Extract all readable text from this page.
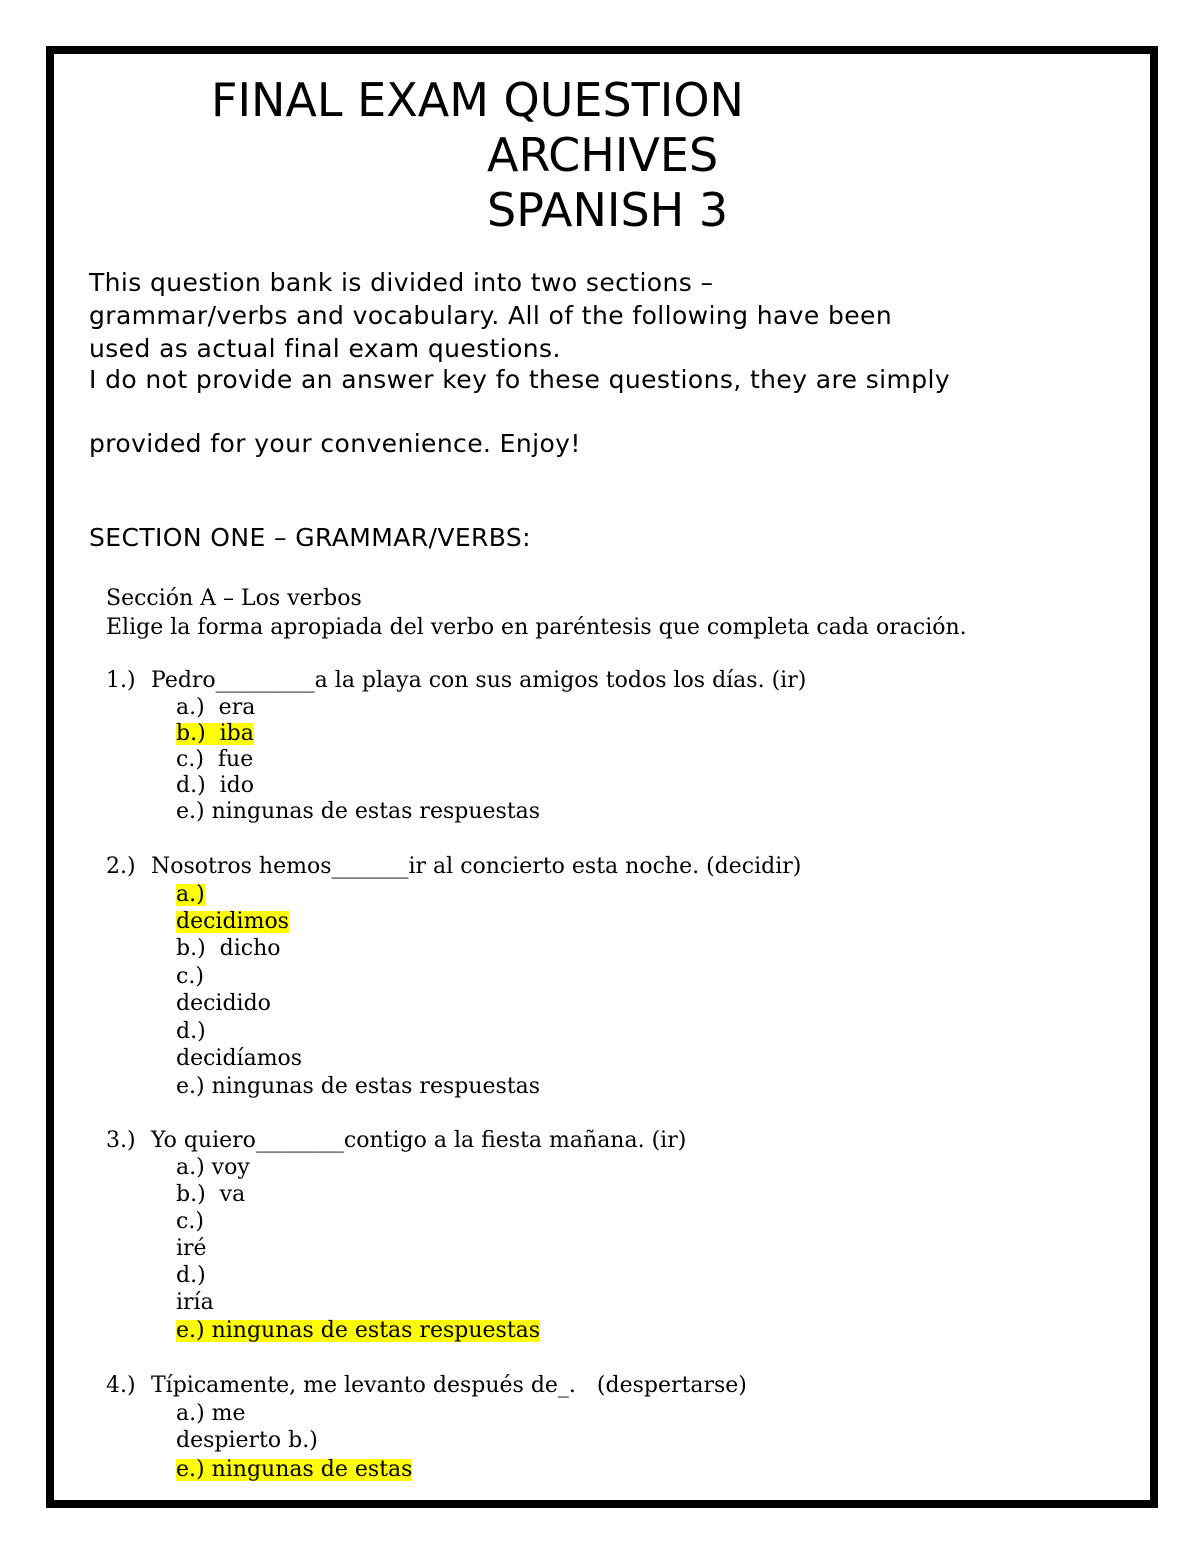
FINAL EXAM QUESTION
ARCHIVES
SPANISH 3
This question bank is divided into two sections –
grammar/verbs and vocabulary. All of the following have been
used as actual final exam questions.
I do not provide an answer key fo these questions, they are simply
provided for your convenience. Enjoy!
SECTION ONE – GRAMMAR/VERBS:
Sección A – Los verbos
Elige la forma apropiada del verbo en paréntesis que completa cada oración.
1.) Pedro_________a la playa con sus amigos todos los días. (ir)
a.)  era
b.)  iba
c.)  fue
d.)  ido
e.) ningunas de estas respuestas
2.) Nosotros hemos_______ir al concierto esta noche. (decidir)
a.)
decidimos
b.)  dicho
c.)
decidido
d.)
decidíamos
e.) ningunas de estas respuestas
3.) Yo quiero________contigo a la fiesta mañana. (ir)
a.) voy
b.)  va
c.)
iré
d.)
iría
e.) ningunas de estas respuestas
4.) Típicamente, me levanto después de_.   (despertarse)
a.) me
despierto b.)
e.) ningunas de estas
